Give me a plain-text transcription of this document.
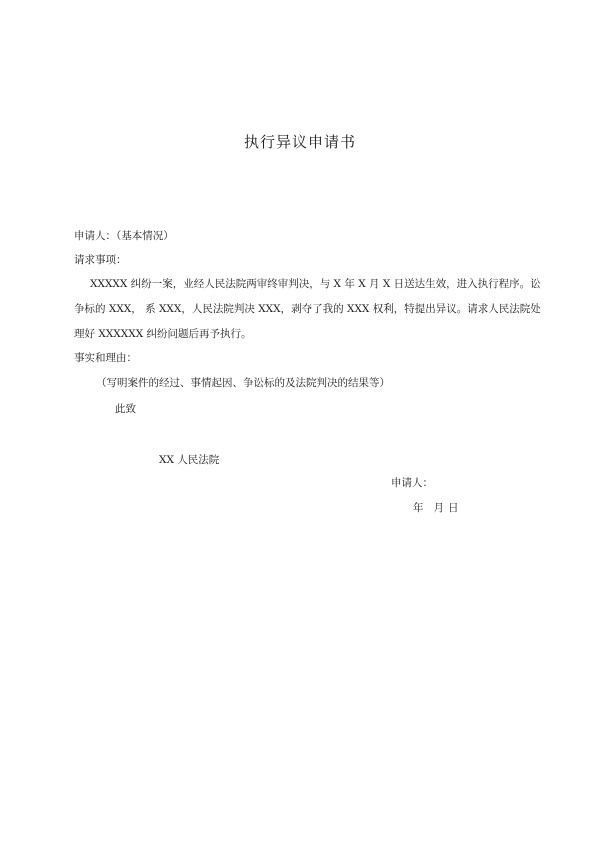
执行异议申请书
申请人：（基本情况）
请求事项：
XXXXX 纠纷一案，业经人民法院两审终审判决，与 X 年 X 月 X 日送达生效，进入执行程序。讼
争标的 XXX， 系 XXX，人民法院判决 XXX，剥夺了我的 XXX 权利，特提出异议。请求人民法院处
理好 XXXXXX 纠纷问题后再予执行。
事实和理由：
（写明案件的经过、事情起因、争讼标的及法院判决的结果等）
此致
XX 人民法院
申请人：
年 月 日
